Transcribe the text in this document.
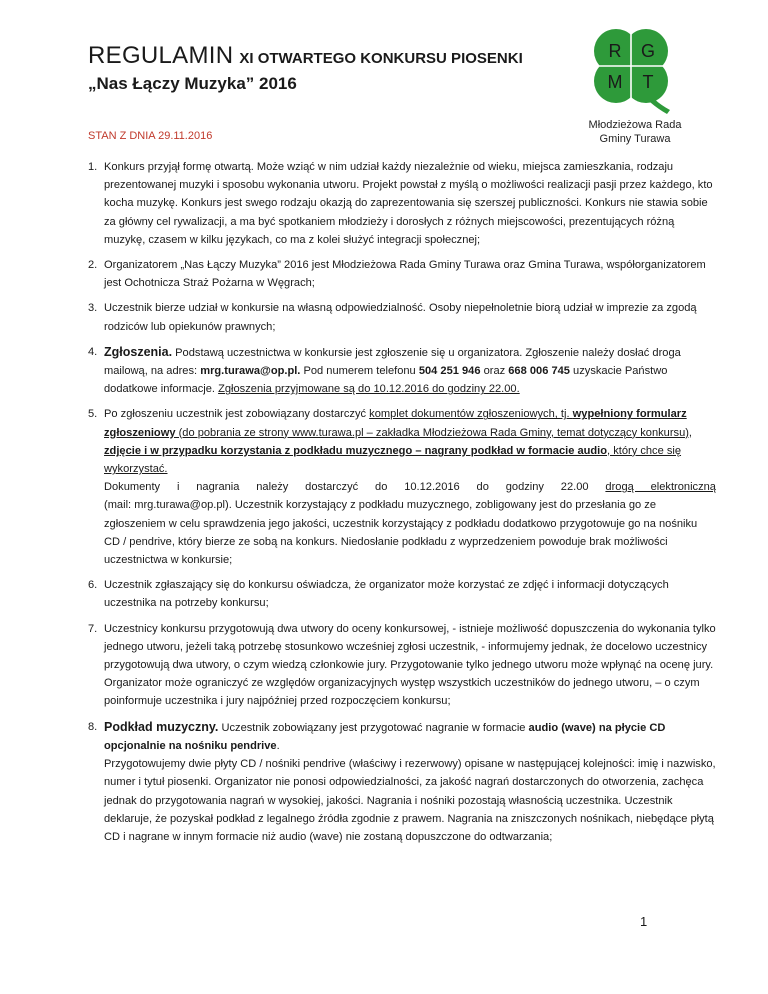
REGULAMIN XI OTWARTEGO KONKURSU PIOSENKI
„Nas Łączy Muzyka” 2016
STAN Z DNIA 29.11.2016
R G
M T
Młodzieżowa Rada
Gminy Turawa
1. Konkurs przyjął formę otwartą. Może wziąć w nim udział każdy niezależnie od wieku, miejsca zamieszkania, rodzaju prezentowanej muzyki i sposobu wykonania utworu. Projekt powstał z myślą o możliwości realizacji pasji przez każdego, kto kocha muzykę. Konkurs jest swego rodzaju okazją do zaprezentowania się szerszej publiczności. Konkurs nie stawia sobie za główny cel rywalizacji, a ma być spotkaniem młodzieży i dorosłych z różnych miejscowości, prezentujących różną muzykę, czasem w kilku językach, co ma z kolei służyć integracji społecznej;
2. Organizatorem „Nas Łączy Muzyka” 2016 jest Młodzieżowa Rada Gminy Turawa oraz Gmina Turawa, współorganizatorem jest Ochotnicza Straż Pożarna w Węgrach;
3. Uczestnik bierze udział w konkursie na własną odpowiedzialność. Osoby niepełnoletnie biorą udział w imprezie za zgodą rodziców lub opiekunów prawnych;
4. Zgłoszenia. Podstawą uczestnictwa w konkursie jest zgłoszenie się u organizatora. Zgłoszenie należy dosłać droga mailową, na adres: mrg.turawa@op.pl. Pod numerem telefonu 504 251 946 oraz 668 006 745 uzyskacie Państwo dodatkowe informacje. Zgłoszenia przyjmowane są do 10.12.2016 do godziny 22.00.
5. Po zgłoszeniu uczestnik jest zobowiązany dostarczyć komplet dokumentów zgłoszeniowych, tj. wypełniony formularz zgłoszeniowy (do pobrania ze strony www.turawa.pl – zakładka Młodzieżowa Rada Gminy, temat dotyczący konkursu), zdjęcie i w przypadku korzystania z podkładu muzycznego – nagrany podkład w formacie audio, który chce się wykorzystać.
Dokumenty i nagrania należy dostarczyć do 10.12.2016 do godziny 22.00 drogą elektroniczną
(mail: mrg.turawa@op.pl). Uczestnik korzystający z podkładu muzycznego, zobligowany jest do przesłania go ze zgłoszeniem w celu sprawdzenia jego jakości, uczestnik korzystający z podkładu dodatkowo przygotowuje go na nośniku CD / pendrive, który bierze ze sobą na konkurs. Niedosłanie podkładu z wyprzedzeniem powoduje brak możliwości uczestnictwa w konkursie;
6. Uczestnik zgłaszający się do konkursu oświadcza, że organizator może korzystać ze zdjęć i informacji dotyczących uczestnika na potrzeby konkursu;
7. Uczestnicy konkursu przygotowują dwa utwory do oceny konkursowej, - istnieje możliwość dopuszczenia do wykonania tylko jednego utworu, jeżeli taką potrzebę stosunkowo wcześniej zgłosi uczestnik, - informujemy jednak, że docelowo uczestnicy przygotowują dwa utwory, o czym wiedzą członkowie jury. Przygotowanie tylko jednego utworu może wpłynąć na ocenę jury. Organizator może ograniczyć ze względów organizacyjnych występ wszystkich uczestników do jednego utworu, – o czym poinformuje uczestnika i jury najpóźniej przed rozpoczęciem konkursu;
8. Podkład muzyczny. Uczestnik zobowiązany jest przygotować nagranie w formacie audio (wave) na płycie CD opcjonalnie na nośniku pendrive.
Przygotowujemy dwie płyty CD / nośniki pendrive (właściwy i rezerwowy) opisane w następującej kolejności: imię i nazwisko, numer i tytuł piosenki. Organizator nie ponosi odpowiedzialności, za jakość nagrań dostarczonych do otworzenia, zachęca jednak do przygotowania nagrań w wysokiej, jakości. Nagrania i nośniki pozostają własnością uczestnika. Uczestnik deklaruje, że pozyskał podkład z legalnego źródła zgodnie z prawem. Nagrania na zniszczonych nośnikach, niebędące płytą CD i nagrane w innym formacie niż audio (wave) nie zostaną dopuszczone do odtwarzania;
1
